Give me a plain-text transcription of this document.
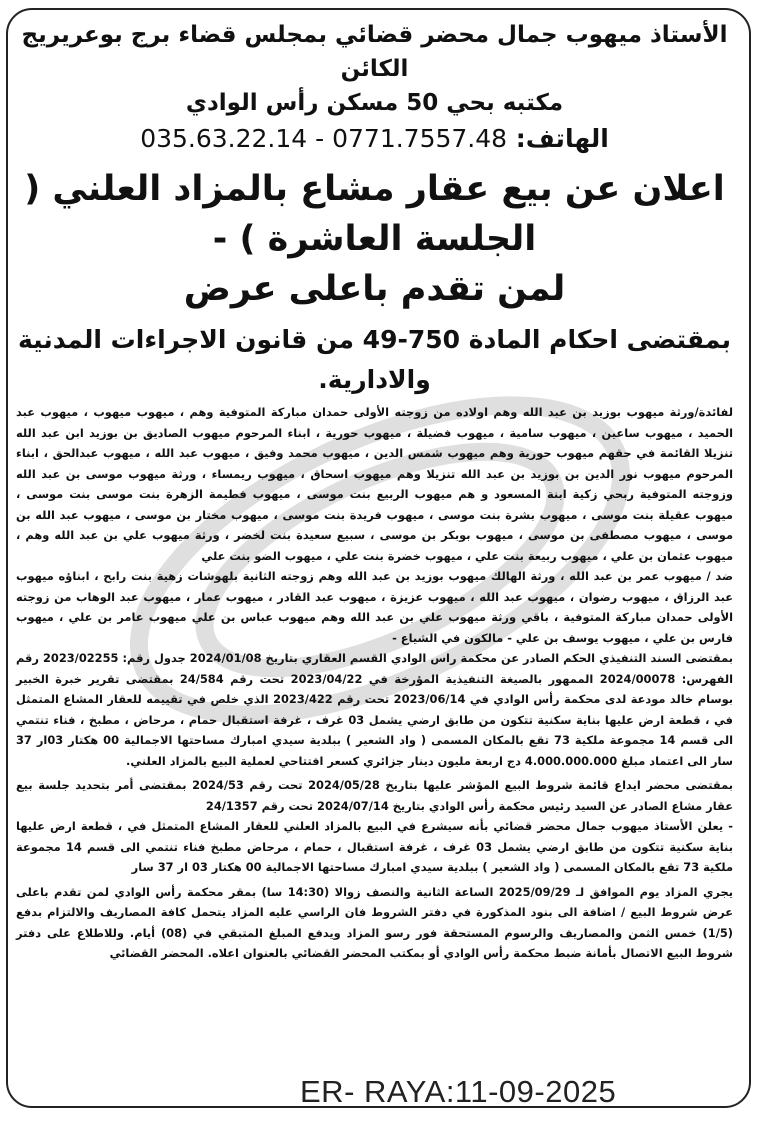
الأستاذ ميهوب جمال محضر قضائي بمجلس قضاء برج بوعريريج الكائن

مكتبه بحي 50 مسكن رأس الوادي

الهاتف: 0771.7557.48 - 035.63.22.14

اعلان عن بيع عقار مشاع بالمزاد العلني ( الجلسة العاشرة ) -

لمن تقدم باعلى عرض

بمقتضى احكام المادة 750-49 من قانون الاجراءات المدنية والادارية.

لفائدة/ورثة ميهوب بوزيد بن عبد الله وهم اولاده من زوجته الأولى حمدان مباركة المتوفية وهم ، ميهوب ميهوب ، ميهوب عبد الحميد ، ميهوب ساعين ، ميهوب سامية ، ميهوب فضيلة ، ميهوب حورية ، ابناء المرحوم ميهوب الصاديق بن بوزيد ابن عبد الله تنزيلا القائمة في حقهم ميهوب حورية وهم ميهوب شمس الدين ، ميهوب محمد وفيق ، ميهوب عبد الله ، ميهوب عبدالحق ، ابناء المرحوم ميهوب نور الدين بن بوزيد بن عبد الله تنزيلا وهم ميهوب اسحاق ، ميهوب ريمساء ، ورثة ميهوب موسى بن عبد الله وزوجته المتوفية ربحي زكية ابنة المسعود و هم ميهوب الربيع بنت موسى ، ميهوب فطيمة الزهرة بنت موسى بنت موسى ، ميهوب عقيلة بنت موسى ، ميهوب بشرة بنت موسى ، ميهوب فريدة بنت موسى ، ميهوب مختار بن موسى ، ميهوب عبد الله بن موسى ، ميهوب مصطفى بن موسى ، ميهوب بوبكر بن موسى ، سبيع سعيدة بنت لخضر ، ورثة ميهوب علي بن عبد الله وهم ، ميهوب عثمان بن علي ، ميهوب ربيعة بنت علي ، ميهوب خضرة بنت علي ، ميهوب الضو بنت علي

ضد / ميهوب عمر بن عبد الله ، ورثة الهالك ميهوب بوزيد بن عبد الله وهم زوجته الثانية بلهوشات زهية بنت رابح ، ابناؤه ميهوب عبد الرزاق ، ميهوب رضوان ، ميهوب عبد الله ، ميهوب عزيزة ، ميهوب عبد القادر ، ميهوب عمار ، ميهوب عبد الوهاب من زوجته الأولى حمدان مباركة المتوفية ، باقي ورثة ميهوب علي بن عبد الله وهم ميهوب عباس بن علي ميهوب عامر بن علي ، ميهوب فارس بن علي ، ميهوب يوسف بن علي - مالكون في الشياع -

بمقتضى السند التنفيذي الحكم الصادر عن محكمة راس الوادي القسم العقاري بتاريخ 2024/01/08 جدول رقم: 2023/02255 رقم الفهرس: 2024/00078 الممهور بالصيغة التنفيذية المؤرخة في 2023/04/22 تحت رقم 24/584 بمقتضى تقرير خبرة الخبير بوسام خالد مودعة لدى محكمة رأس الوادي في 2023/06/14 تحت رقم 2023/422 الذي خلص في تقييمه للعقار المشاع المتمثل في ، قطعة ارض عليها بناية سكنية تتكون من طابق ارضي يشمل 03 غرف ، غرفة استقبال حمام ، مرحاض ، مطبخ ، فناء تنتمي الى قسم 14 مجموعة ملكية 73 تقع بالمكان المسمى ( واد الشعير ) ببلدية سيدي امبارك مساحتها الاجمالية 00 هكتار 03ار 37 سار الى اعتماد مبلغ 4.000.000.000 دج اربعة مليون دينار جزائري كسعر افتتاحي لعملية البيع بالمزاد العلني.

بمقتضى محضر ايداع قائمة شروط البيع المؤشر عليها بتاريخ 2024/05/28 تحت رقم 2024/53 بمقتضى أمر بتحديد جلسة بيع عقار مشاع الصادر عن السيد رئيس محكمة رأس الوادي بتاريخ 2024/07/14 تحت رقم 24/1357

- يعلن الأستاذ ميهوب جمال محضر قضائي بأنه سيشرع في البيع بالمزاد العلني للعقار المشاع المتمثل في ، قطعة ارض عليها بناية سكنية تتكون من طابق ارضي يشمل 03 غرف ، غرفة استقبال ، حمام ، مرحاض مطبخ فناء تنتمي الى قسم 14 مجموعة ملكية 73 تقع بالمكان المسمى ( واد الشعير ) ببلدية سيدي امبارك مساحتها الاجمالية 00 هكتار 03 ار 37 سار

يجري المزاد يوم الموافق لـ 2025/09/29 الساعة الثانية والنصف زوالا (14:30 سا) بمقر محكمة رأس الوادي لمن تقدم باعلى عرض شروط البيع / اضافة الى بنود المذكورة في دفتر الشروط فان الراسي عليه المزاد يتحمل كافة المصاريف والالتزام بدفع (1/5) خمس الثمن والمصاريف والرسوم المستحقة فور رسو المزاد ويدفع المبلغ المتبقي في (08) أيام. وللاطلاع على دفتر شروط البيع الاتصال بأمانة ضبط محكمة رأس الوادي أو بمكتب المحضر القضائي بالعنوان اعلاه. المحضر القضائي

ER- RAYA:11-09-2025
